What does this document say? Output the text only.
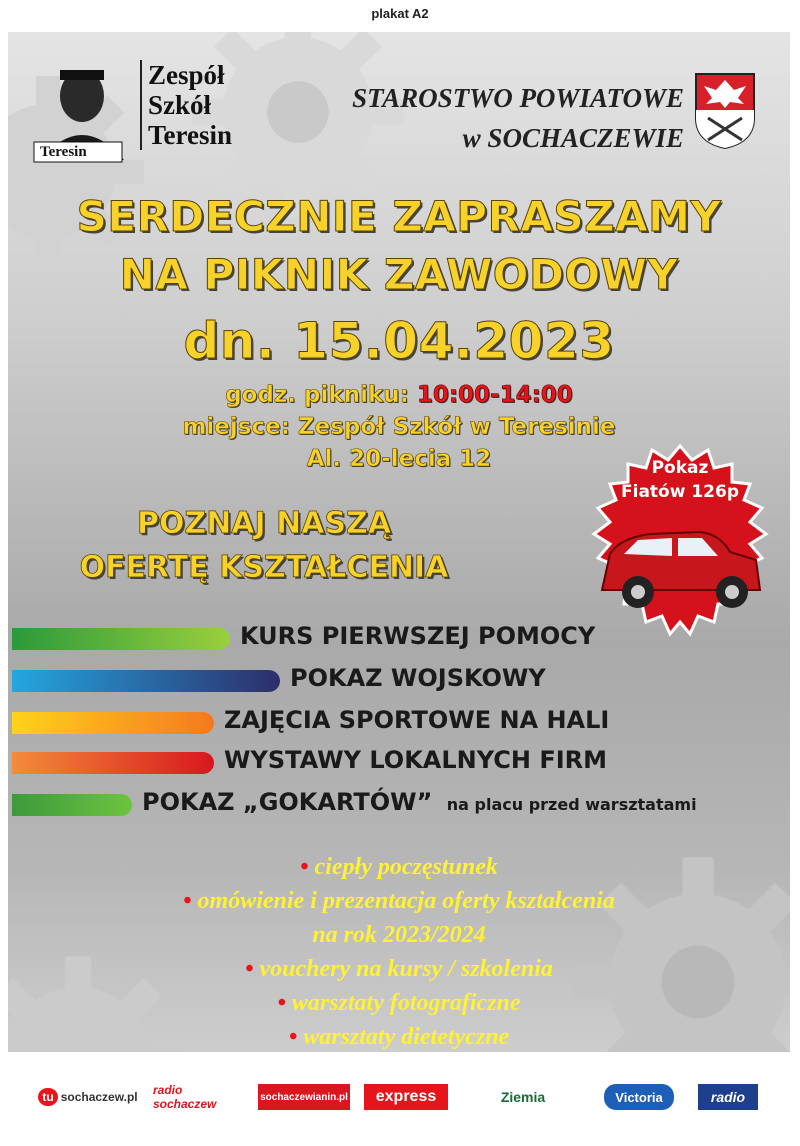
plakat A2
Teresin
Zespół
Szkół
Teresin
STAROSTWO POWIATOWE
w SOCHACZEWIE
SERDECZNIE ZAPRASZAMY
NA PIKNIK ZAWODOWY
dn. 15.04.2023
godz. pikniku: 10:00-14:00
miejsce: Zespół Szkół w Teresinie
Al. 20-lecia 12
POZNAJ NASZĄ
OFERTĘ KSZTAŁCENIA
Pokaz
Fiatów 126p
KURS PIERWSZEJ POMOCY
POKAZ WOJSKOWY
ZAJĘCIA SPORTOWE NA HALI
WYSTAWY LOKALNYCH FIRM
POKAZ „GOKARTÓW” na placu przed warsztatami
• ciepły poczęstunek
• omówienie i prezentacja oferty kształcenia
na rok 2023/2024
• vouchery na kursy / szkolenia
• warsztaty fotograficzne
• warsztaty dietetyczne
tu sochaczew.pl radio sochaczew	sochaczewianin.pl	express	Ziemia	Victoria	radio
